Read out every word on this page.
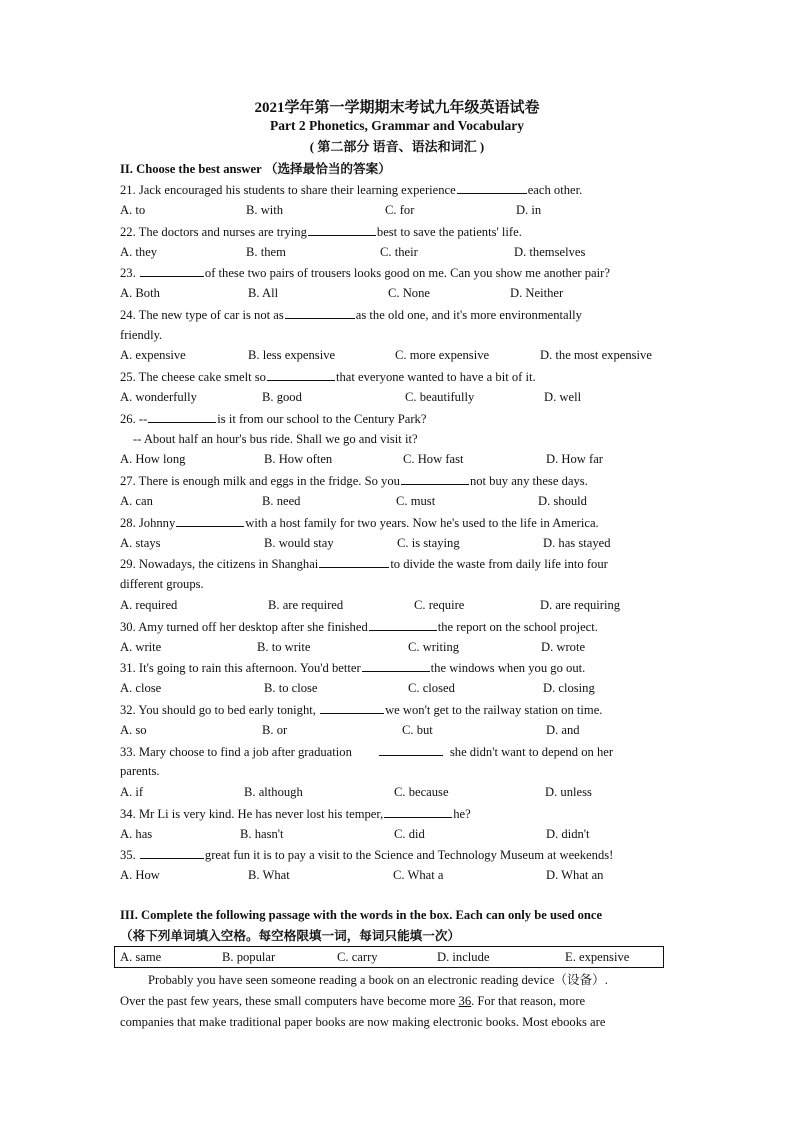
2021学年第一学期期末考试九年级英语试卷
Part 2 Phonetics, Grammar and Vocabulary
( 第二部分 语音、语法和词汇 )
II. Choose the best answer （选择最恰当的答案）
21. Jack encouraged his students to share their learning experience	each other.
A. to	B. with	C. for	D. in
22. The doctors and nurses are trying	best to save the patients' life.
A. they	B. them	C. their	D. themselves
23.	of these two pairs of trousers looks good on me. Can you show me another pair?
A. Both	B. All	C. None	D. Neither
24. The new type of car is not as	as the old one, and it's more environmentally
friendly.
A. expensive	B. less expensive	C. more expensive	D. the most expensive
25. The cheese cake smelt so	that everyone wanted to have a bit of it.
A. wonderfully	B. good	C. beautifully	D. well
26. --	is it from our school to the Century Park?
-- About half an hour's bus ride. Shall we go and visit it?
A. How long	B. How often	C. How fast	D. How far
27. There is enough milk and eggs in the fridge. So you	not buy any these days.
A. can	B. need	C. must	D. should
28. Johnny	with a host family for two years. Now he's used to the life in America.
A. stays	B. would stay	C. is staying	D. has stayed
29. Nowadays, the citizens in Shanghai	to divide the waste from daily life into four
different groups.
A. required	B. are required	C. require	D. are requiring
30. Amy turned off her desktop after she finished	the report on the school project.
A. write	B. to write	C. writing	D. wrote
31. It's going to rain this afternoon. You'd better	the windows when you go out.
A. close	B. to close	C. closed	D. closing
32. You should go to bed early tonight,	we won't get to the railway station on time.
A. so	B. or	C. but	D. and
33. Mary choose to find a job after graduation	she didn't want to depend on her
parents.
A. if	B. although	C. because	D. unless
34. Mr Li is very kind. He has never lost his temper,	he?
A. has	B. hasn't	C. did	D. didn't
35.	great fun it is to pay a visit to the Science and Technology Museum at weekends!
A. How	B. What	C. What a	D. What an
III. Complete the following passage with the words in the box. Each can only be used once
（将下列单词填入空格。每空格限填一词，每词只能填一次）
A. same	B. popular	C. carry	D. include	E. expensive
Probably you have seen someone reading a book on an electronic reading device（设备）.
Over the past few years, these small computers have become more 36. For that reason, more
companies that make traditional paper books are now making electronic books. Most ebooks are
